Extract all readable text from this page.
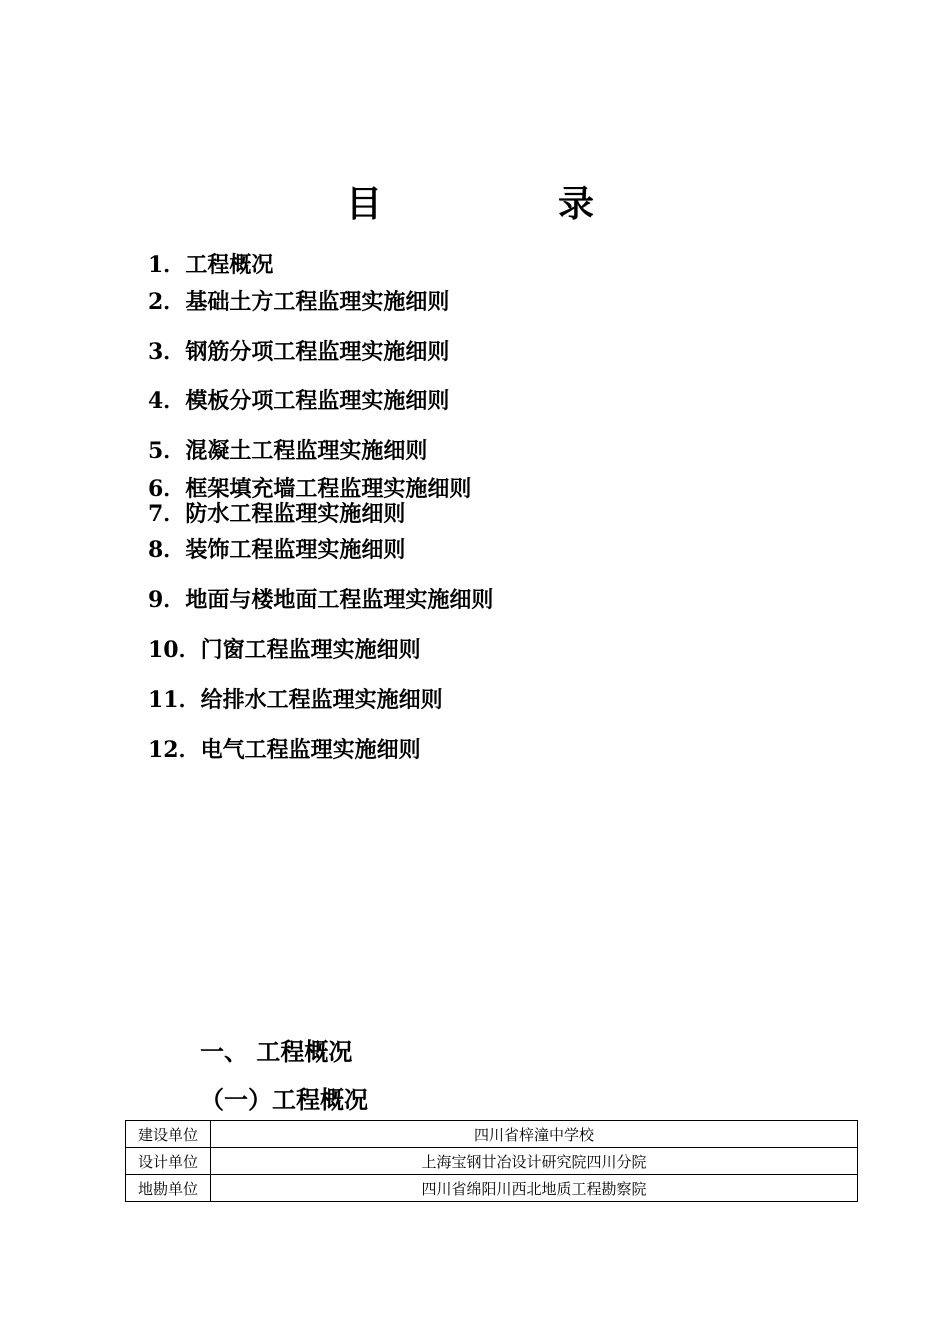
目　录
1．工程概况
2．基础土方工程监理实施细则
3．钢筋分项工程监理实施细则
4．模板分项工程监理实施细则
5．混凝土工程监理实施细则
6．框架填充墙工程监理实施细则
7．防水工程监理实施细则
8．装饰工程监理实施细则
9．地面与楼地面工程监理实施细则
10．门窗工程监理实施细则
11．给排水工程监理实施细则
12．电气工程监理实施细则
一、 工程概况
（一）工程概况
建设单位	四川省梓潼中学校
设计单位	上海宝钢廿冶设计研究院四川分院
地勘单位	四川省绵阳川西北地质工程勘察院
